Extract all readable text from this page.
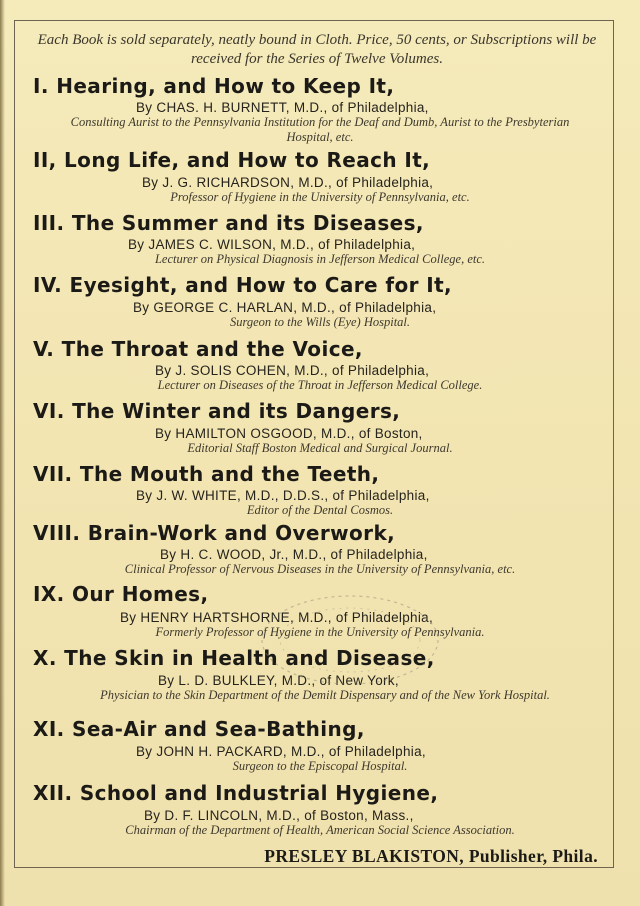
Each Book is sold separately, neatly bound in Cloth. Price, 50 cents, or Subscriptions will be received for the Series of Twelve Volumes.
I. Hearing, and How to Keep It,
By CHAS. H. BURNETT, M.D., of Philadelphia,
Consulting Aurist to the Pennsylvania Institution for the Deaf and Dumb, Aurist to the Presbyterian Hospital, etc.
II, Long Life, and How to Reach It,
By J. G. RICHARDSON, M.D., of Philadelphia,
Professor of Hygiene in the University of Pennsylvania, etc.
III. The Summer and its Diseases,
By JAMES C. WILSON, M.D., of Philadelphia,
Lecturer on Physical Diagnosis in Jefferson Medical College, etc.
IV. Eyesight, and How to Care for It,
By GEORGE C. HARLAN, M.D., of Philadelphia,
Surgeon to the Wills (Eye) Hospital.
V. The Throat and the Voice,
By J. SOLIS COHEN, M.D., of Philadelphia,
Lecturer on Diseases of the Throat in Jefferson Medical College.
VI. The Winter and its Dangers,
By HAMILTON OSGOOD, M.D., of Boston,
Editorial Staff Boston Medical and Surgical Journal.
VII. The Mouth and the Teeth,
By J. W. WHITE, M.D., D.D.S., of Philadelphia,
Editor of the Dental Cosmos.
VIII. Brain-Work and Overwork,
By H. C. WOOD, Jr., M.D., of Philadelphia,
Clinical Professor of Nervous Diseases in the University of Pennsylvania, etc.
IX. Our Homes,
By HENRY HARTSHORNE, M.D., of Philadelphia,
Formerly Professor of Hygiene in the University of Pennsylvania.
X. The Skin in Health and Disease,
By L. D. BULKLEY, M.D., of New York,
Physician to the Skin Department of the Demilt Dispensary and of the New York Hospital.
XI. Sea-Air and Sea-Bathing,
By JOHN H. PACKARD, M.D., of Philadelphia,
Surgeon to the Episcopal Hospital.
XII. School and Industrial Hygiene,
By D. F. LINCOLN, M.D., of Boston, Mass.,
Chairman of the Department of Health, American Social Science Association.
PRESLEY BLAKISTON, Publisher, Phila.
